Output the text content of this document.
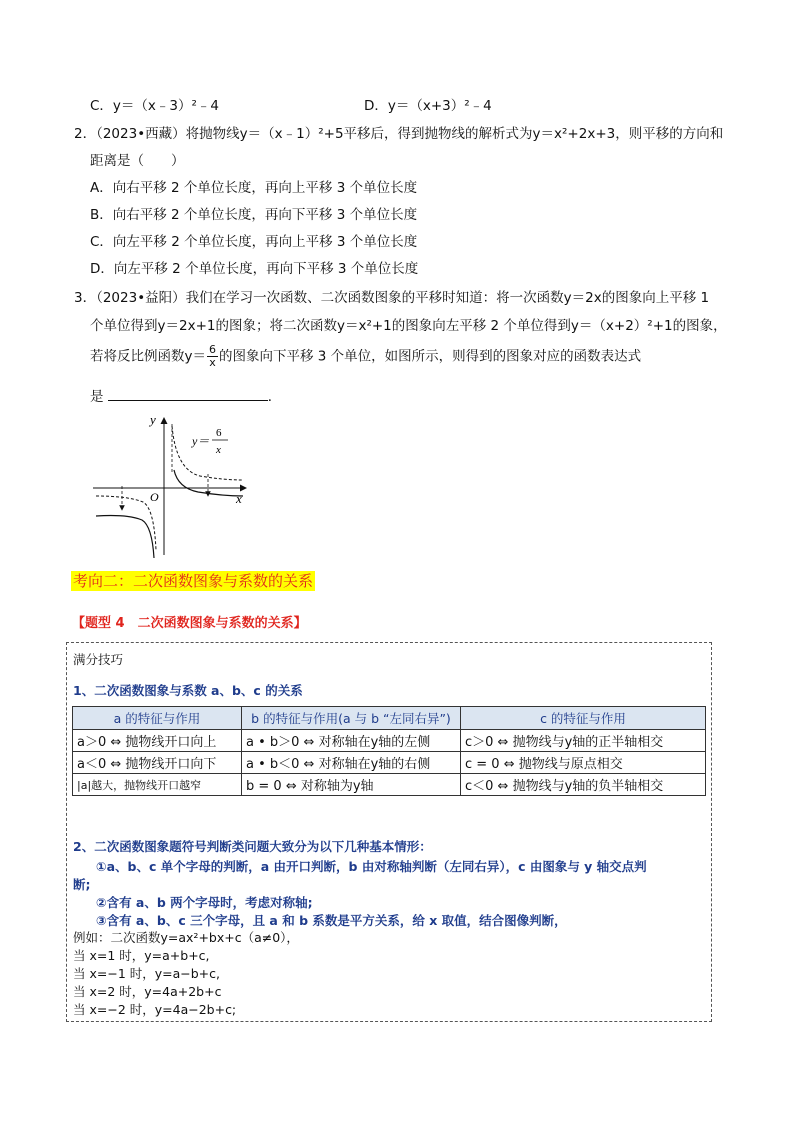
C．y＝（x﹣3）²﹣4	D．y＝（x+3）²﹣4
2．（2023•西藏）将抛物线y＝（x﹣1）²+5平移后，得到抛物线的解析式为y＝x²+2x+3，则平移的方向和
距离是（　　）
A．向右平移 2 个单位长度，再向上平移 3 个单位长度
B．向右平移 2 个单位长度，再向下平移 3 个单位长度
C．向左平移 2 个单位长度，再向上平移 3 个单位长度
D．向左平移 2 个单位长度，再向下平移 3 个单位长度
3．（2023•益阳）我们在学习一次函数、二次函数图象的平移时知道：将一次函数y＝2x的图象向上平移 1
个单位得到y＝2x+1的图象；将二次函数y＝x²+1的图象向左平移 2 个单位得到y＝（x+2）²+1的图象，
若将反比例函数$y= \frac{6}{x}$ 的图象向下平移 3 个单位，如图所示，则得到的图象对应的函数表达式
是	．
y
x
O
y＝
6
x
考向二：二次函数图象与系数的关系
【题型 4　二次函数图象与系数的关系】
满分技巧
1、二次函数图象与系数 a、b、c 的关系
a 的特征与作用	b 的特征与作用(a 与 b “左同右异”)	c 的特征与作用
a＞0 ⇔ 抛物线开口向上	a • b＞0 ⇔ 对称轴在y轴的左侧	c＞0 ⇔ 抛物线与y轴的正半轴相交
a＜0 ⇔ 抛物线开口向下	a • b＜0 ⇔ 对称轴在y轴的右侧	c = 0 ⇔ 抛物线与原点相交
|a|越大，抛物线开口越窄	b = 0 ⇔ 对称轴为y轴	c＜0 ⇔ 抛物线与y轴的负半轴相交
2、二次函数图象题符号判断类问题大致分为以下几种基本情形：
①a、b、c 单个字母的判断，a 由开口判断，b 由对称轴判断（左同右异），c 由图象与 y 轴交点判
断;
②含有 a、b 两个字母时，考虑对称轴;
③含有 a、b、c 三个字母，且 a 和 b 系数是平方关系，给 x 取值，结合图像判断，
例如：二次函数y=ax²+bx+c（a≠0），
当 x=1 时，y=a+b+c,
当 x=−1 时，y=a−b+c,
当 x=2 时，y=4a+2b+c
当 x=−2 时，y=4a−2b+c;
